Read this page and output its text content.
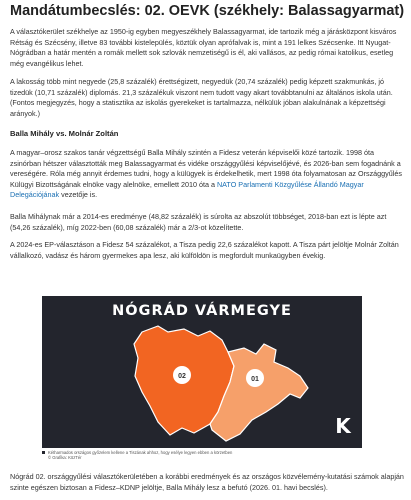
Mandátumbecslés: 02. OEVK (székhely: Balassagyarmat)
A választókerület székhelye az 1950-ig egyben megyeszékhely Balassagyarmat, ide tartozik még a járásközpont kisváros Rétság és Szécsény, illetve 83 további kistelepülés, köztük olyan aprófalvak is, mint a 191 lelkes Szécsenke. Itt Nyugat-Nógrádban a határ mentén a romák mellett sok szlovák nemzetiségű is él, aki vallásos, az pedig római katolikus, esetleg még evangélikus lehet.
A lakosság több mint negyede (25,8 százalék) érettségizett, negyedük (20,74 százalék) pedig képzett szakmunkás, jó tizedük (10,71 százalék) diplomás. 21,3 százalékuk viszont nem tudott vagy akart továbbtanulni az általános iskola után. (Fontos megjegyzés, hogy a statisztika az iskolás gyerekeket is tartalmazza, nélkülük jóban alakulnának a képzettségi arányok.)
Balla Mihály vs. Molnár Zoltán
A magyar–orosz szakos tanár végzettségű Balla Mihály szintén a Fidesz veterán képviselői közé tartozik. 1998 óta zsinórban hétszer választották meg Balassagyarmat és vidéke országgyűlési képviselőjévé, és 2026-ban sem fogadnánk a vereségére. Róla még annyit érdemes tudni, hogy a külügyek is érdekelhetik, mert 1998 óta folyamatosan az Országgyűlés Külügyi Bizottságának elnöke vagy alelnöke, emellett 2010 óta a NATO Parlamenti Közgyűlése Állandó Magyar Delegációjának vezetője is.
Balla Mihálynak már a 2014-es eredménye (48,82 százalék) is súrolta az abszolút többséget, 2018-ban ezt is lépte azt (54,26 százalék), míg 2022-ben (60,08 százalék) már a 2/3-ot közelítette.
A 2024-es EP-választáson a Fidesz 54 százalékot, a Tisza pedig 22,6 százalékot kapott. A Tisza párt jelöltje Molnár Zoltán vállalkozó, vadász és három gyermekes apa lesz, aki külföldön is megfordult munkaügyben évekig.
NÓGRÁD VÁRMEGYE
02	01
K
Kétharmados országos győzelem kellene a Tiszának ahhoz, hogy esélye legyen ebben a körzetben
© Grafika: KözTér
Nógrád 02. országgyűlési választókerületében a korábbi eredmények és az országos közvélemény-kutatási számok alapján szinte egészen biztosan a Fidesz–KDNP jelöltje, Balla Mihály lesz a befutó (2026. 01. havi becslés).
